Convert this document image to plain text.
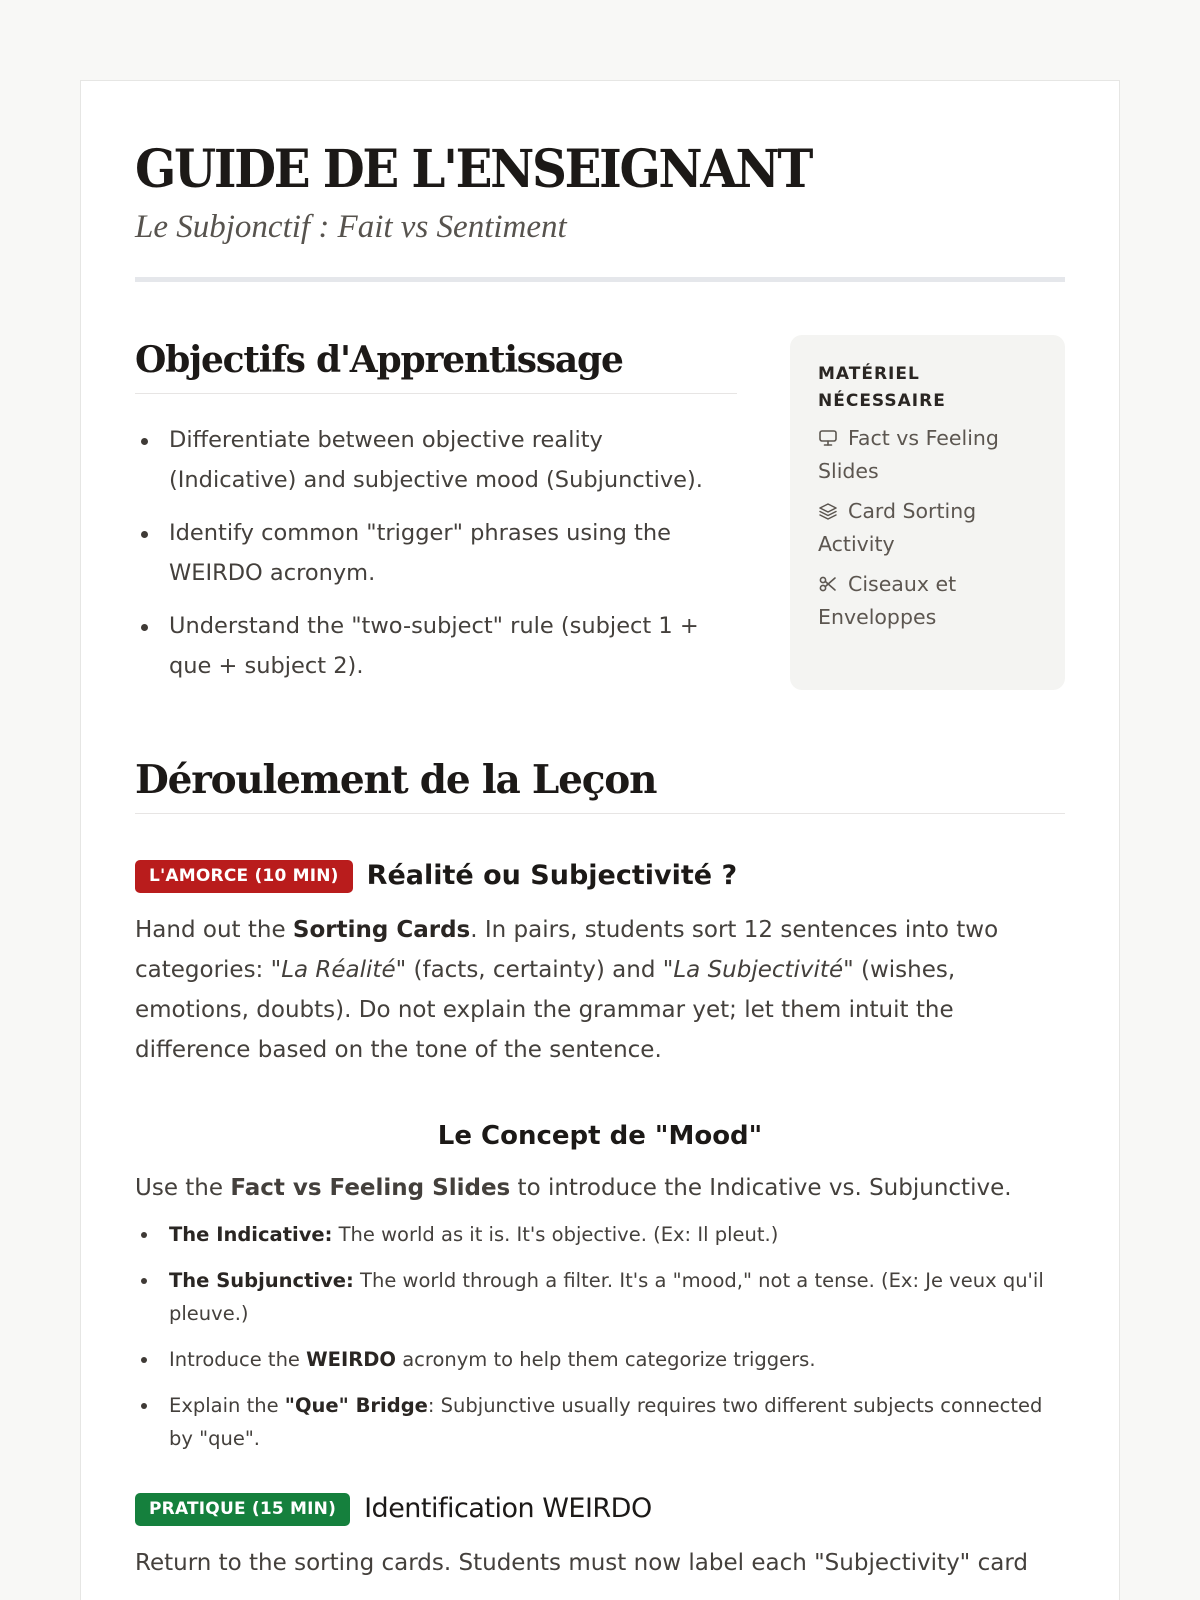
GUIDE DE L'ENSEIGNANT
Le Subjonctif : Fait vs Sentiment
Objectifs d'Apprentissage
Differentiate between objective reality (Indicative) and subjective mood (Subjunctive).
Identify common "trigger" phrases using the WEIRDO acronym.
Understand the "two-subject" rule (subject 1 + que + subject 2).
MATÉRIEL NÉCESSAIRE
Fact vs Feeling Slides
Card Sorting Activity
Ciseaux et Enveloppes
Déroulement de la Leçon
L'AMORCE (10 MIN)	Réalité ou Subjectivité ?

Hand out the Sorting Cards. In pairs, students sort 12 sentences into two categories: "La Réalité" (facts, certainty) and "La Subjectivité" (wishes, emotions, doubts). Do not explain the grammar yet; let them intuit the difference based on the tone of the sentence.

Le Concept de "Mood"

Use the Fact vs Feeling Slides to introduce the Indicative vs. Subjunctive.

The Indicative: The world as it is. It's objective. (Ex: Il pleut.)
The Subjunctive: The world through a filter. It's a "mood," not a tense. (Ex: Je veux qu'il pleuve.)
Introduce the WEIRDO acronym to help them categorize triggers.
Explain the "Que" Bridge: Subjunctive usually requires two different subjects connected by "que".
PRATIQUE (15 MIN)	Identification WEIRDO

Return to the sorting cards. Students must now label each "Subjectivity" card
